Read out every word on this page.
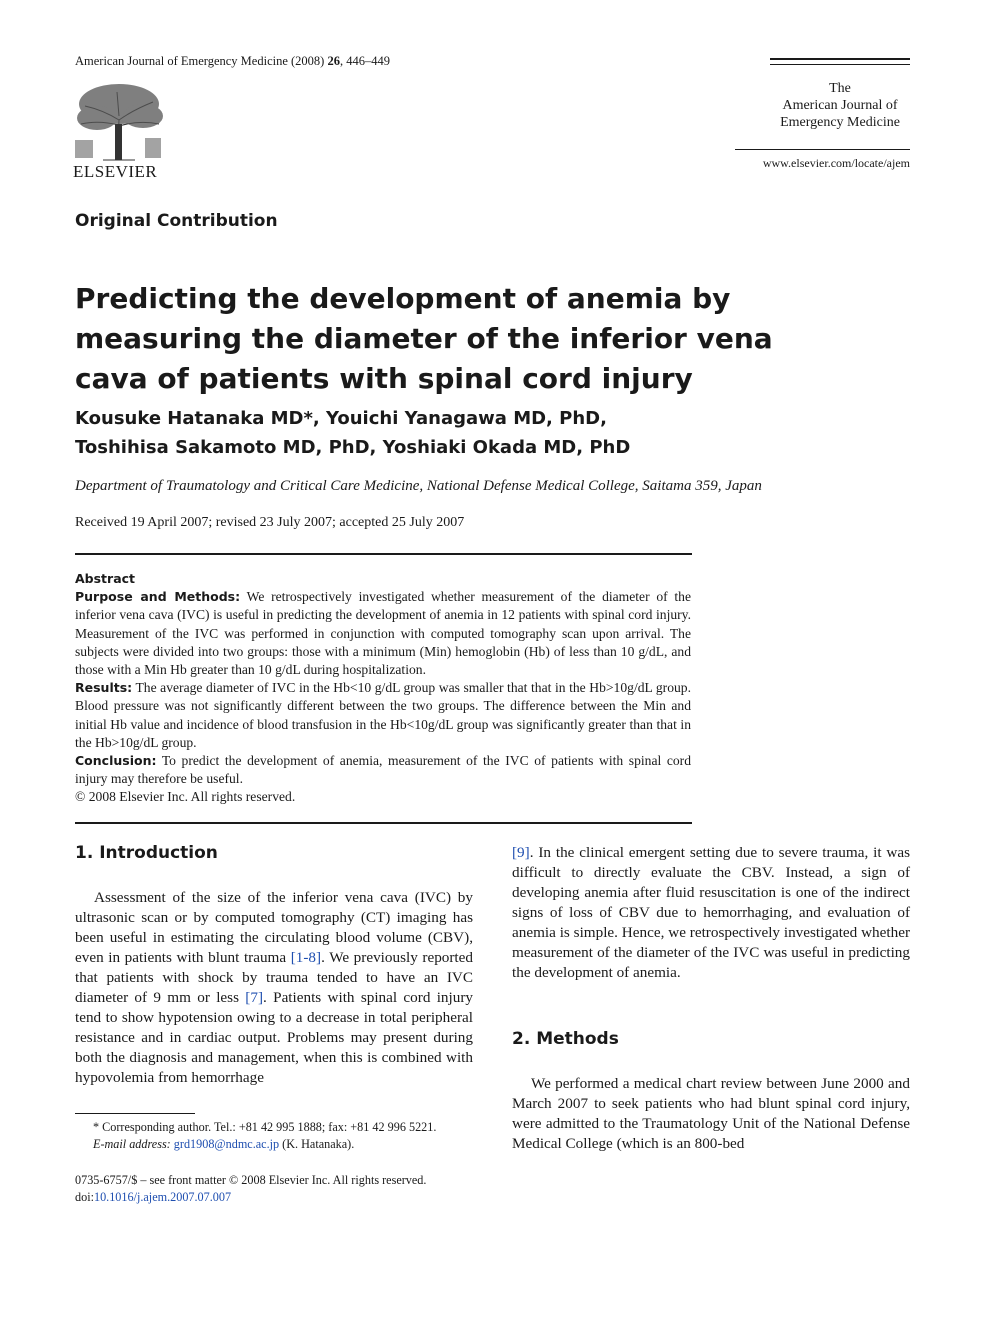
American Journal of Emergency Medicine (2008) 26, 446–449
ELSEVIER
The
American Journal of
Emergency Medicine
www.elsevier.com/locate/ajem
Original Contribution
Predicting the development of anemia by measuring the diameter of the inferior vena cava of patients with spinal cord injury
Kousuke Hatanaka MD*, Youichi Yanagawa MD, PhD,
Toshihisa Sakamoto MD, PhD, Yoshiaki Okada MD, PhD
Department of Traumatology and Critical Care Medicine, National Defense Medical College, Saitama 359, Japan
Received 19 April 2007; revised 23 July 2007; accepted 25 July 2007

Abstract

Purpose and Methods: We retrospectively investigated whether measurement of the diameter of the inferior vena cava (IVC) is useful in predicting the development of anemia in 12 patients with spinal cord injury. Measurement of the IVC was performed in conjunction with computed tomography scan upon arrival. The subjects were divided into two groups: those with a minimum (Min) hemoglobin (Hb) of less than 10 g/dL, and those with a Min Hb greater than 10 g/dL during hospitalization.

Results: The average diameter of IVC in the Hb<10 g/dL group was smaller that that in the Hb>10g/dL group. Blood pressure was not significantly different between the two groups. The difference between the Min and initial Hb value and incidence of blood transfusion in the Hb<10g/dL group was significantly greater than that in the Hb>10g/dL group.

Conclusion: To predict the development of anemia, measurement of the IVC of patients with spinal cord injury may therefore be useful.

© 2008 Elsevier Inc. All rights reserved.

1. Introduction

Assessment of the size of the inferior vena cava (IVC) by ultrasonic scan or by computed tomography (CT) imaging has been useful in estimating the circulating blood volume (CBV), even in patients with blunt trauma [1-8]. We previously reported that patients with shock by trauma tended to have an IVC diameter of 9 mm or less [7]. Patients with spinal cord injury tend to show hypotension owing to a decrease in total peripheral resistance and in cardiac output. Problems may present during both the diagnosis and management, when this is combined with hypovolemia from hemorrhage

[9]. In the clinical emergent setting due to severe trauma, it was difficult to directly evaluate the CBV. Instead, a sign of developing anemia after fluid resuscitation is one of the indirect signs of loss of CBV due to hemorrhaging, and evaluation of anemia is simple. Hence, we retrospectively investigated whether measurement of the diameter of the IVC was useful in predicting the development of anemia.

2. Methods

We performed a medical chart review between June 2000 and March 2007 to seek patients who had blunt spinal cord injury, were admitted to the Traumatology Unit of the National Defense Medical College (which is an 800-bed

* Corresponding author. Tel.: +81 42 995 1888; fax: +81 42 996 5221.

E-mail address: grd1908@ndmc.ac.jp (K. Hatanaka).

0735-6757/$ – see front matter © 2008 Elsevier Inc. All rights reserved.

doi:10.1016/j.ajem.2007.07.007
